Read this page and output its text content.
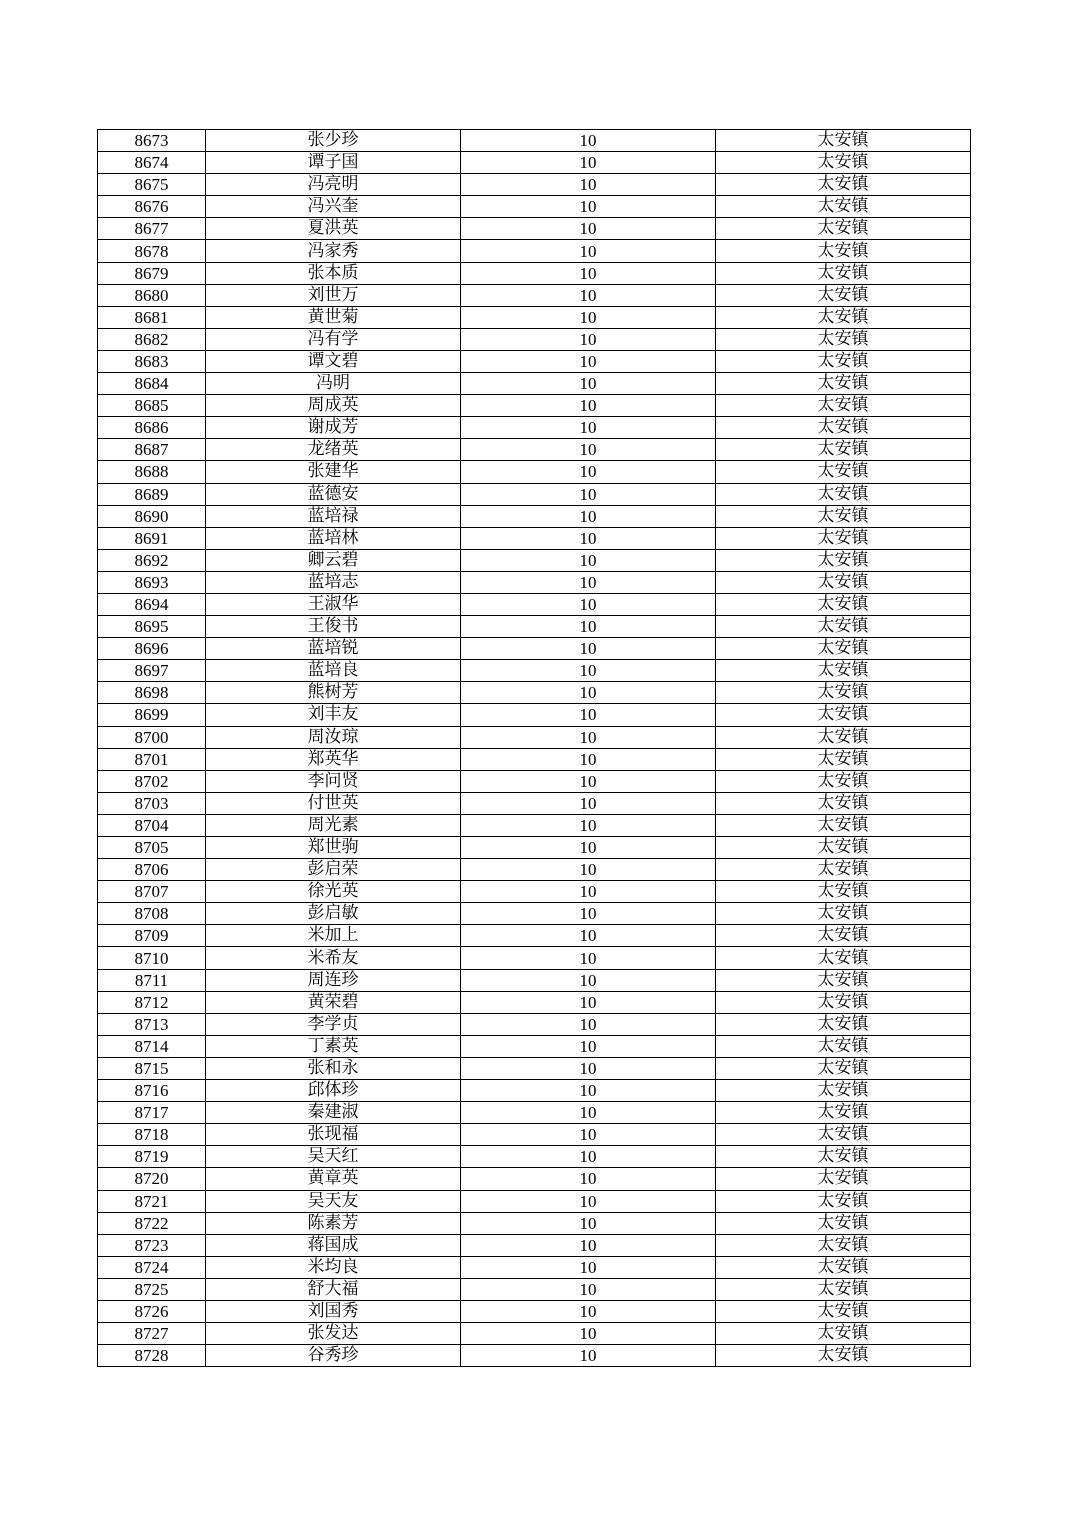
8673	张少珍	10	太安镇
8674	谭子国	10	太安镇
8675	冯亮明	10	太安镇
8676	冯兴奎	10	太安镇
8677	夏洪英	10	太安镇
8678	冯家秀	10	太安镇
8679	张本质	10	太安镇
8680	刘世万	10	太安镇
8681	黄世菊	10	太安镇
8682	冯有学	10	太安镇
8683	谭文碧	10	太安镇
8684	冯明	10	太安镇
8685	周成英	10	太安镇
8686	谢成芳	10	太安镇
8687	龙绪英	10	太安镇
8688	张建华	10	太安镇
8689	蓝德安	10	太安镇
8690	蓝培禄	10	太安镇
8691	蓝培林	10	太安镇
8692	卿云碧	10	太安镇
8693	蓝培志	10	太安镇
8694	王淑华	10	太安镇
8695	王俊书	10	太安镇
8696	蓝培锐	10	太安镇
8697	蓝培良	10	太安镇
8698	熊树芳	10	太安镇
8699	刘丰友	10	太安镇
8700	周汝琼	10	太安镇
8701	郑英华	10	太安镇
8702	李问贤	10	太安镇
8703	付世英	10	太安镇
8704	周光素	10	太安镇
8705	郑世驹	10	太安镇
8706	彭启荣	10	太安镇
8707	徐光英	10	太安镇
8708	彭启敏	10	太安镇
8709	米加上	10	太安镇
8710	米希友	10	太安镇
8711	周连珍	10	太安镇
8712	黄荣碧	10	太安镇
8713	李学贞	10	太安镇
8714	丁素英	10	太安镇
8715	张和永	10	太安镇
8716	邱体珍	10	太安镇
8717	秦建淑	10	太安镇
8718	张现福	10	太安镇
8719	吴天红	10	太安镇
8720	黄章英	10	太安镇
8721	吴天友	10	太安镇
8722	陈素芳	10	太安镇
8723	蒋国成	10	太安镇
8724	米均良	10	太安镇
8725	舒大福	10	太安镇
8726	刘国秀	10	太安镇
8727	张发达	10	太安镇
8728	谷秀珍	10	太安镇
